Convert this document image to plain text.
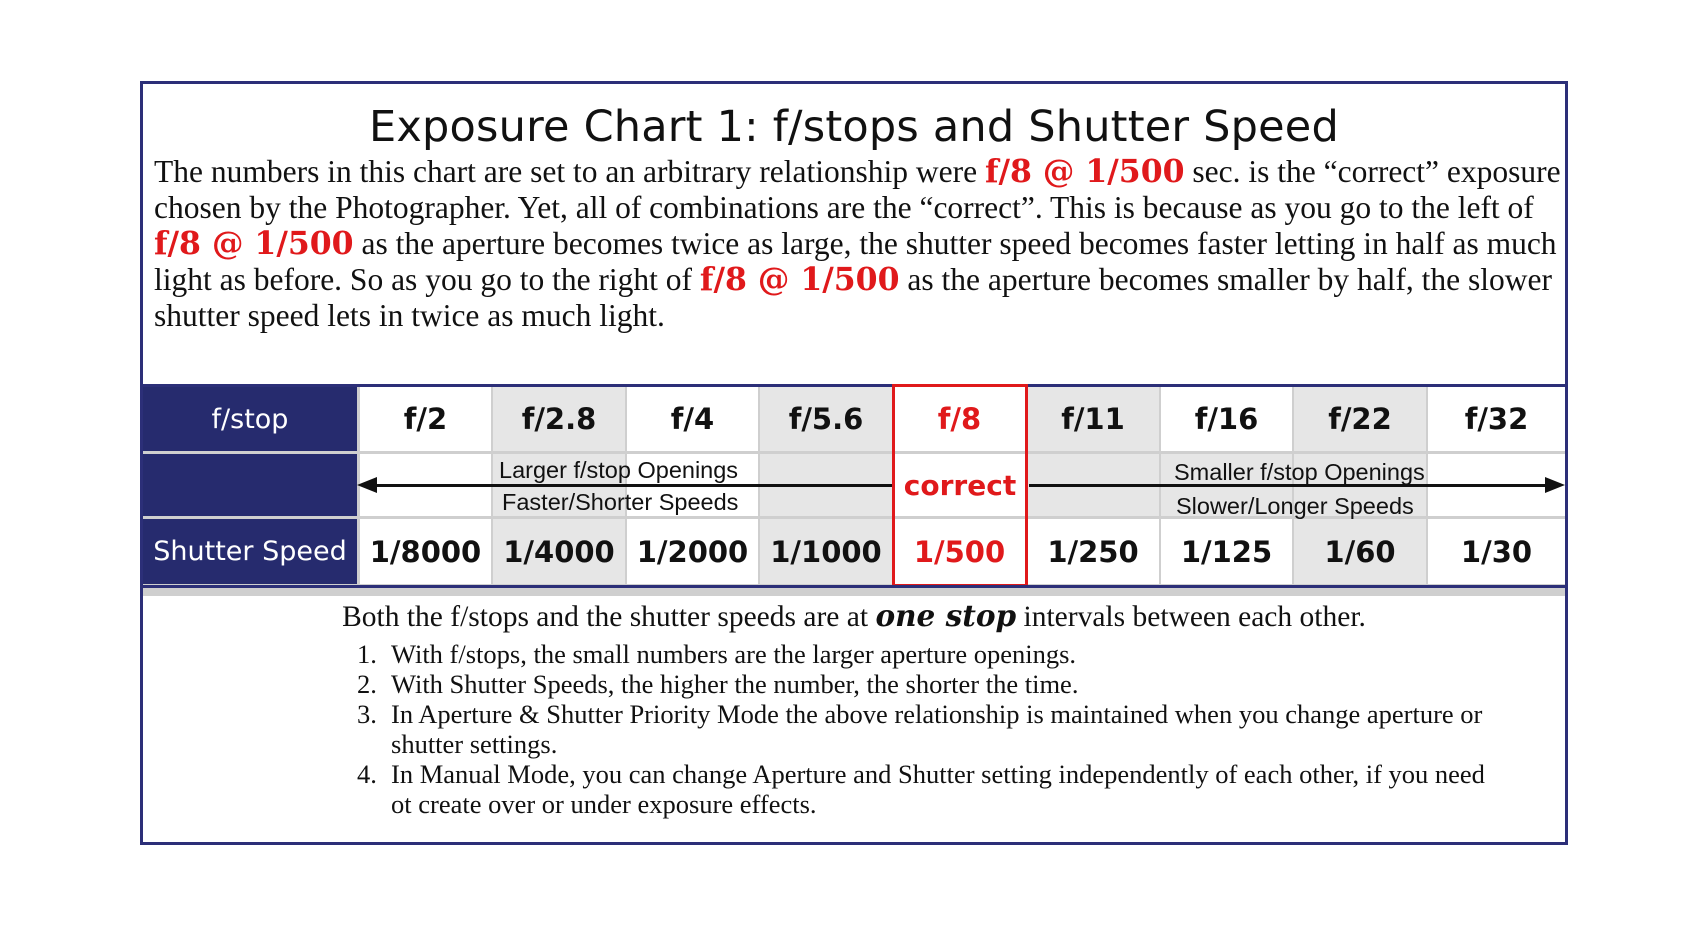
Exposure Chart 1: f/stops and Shutter Speed
The numbers in this chart are set to an arbitrary relationship were f/8 @ 1/500 sec. is the “correct” exposure chosen by the Photographer. Yet, all of combinations are the “correct”. This is because as you go to the left of f/8 @ 1/500 as the aperture becomes twice as large, the shutter speed becomes faster letting in half as much light as before. So as you go to the right of f/8 @ 1/500 as the aperture becomes smaller by half, the slower shutter speed lets in twice as much light.
f/stop
Shutter Speed
f/2	f/2.8	f/4	f/5.6	f/8	f/11	f/16	f/22	f/32
1/8000 1/4000 1/2000 1/1000	1/500	1/250	1/125	1/60	1/30
correct
Larger f/stop Openings
Faster/Shorter Speeds
Smaller f/stop Openings
Slower/Longer Speeds
Both the f/stops and the shutter speeds are at one stop intervals between each other.
1. With f/stops, the small numbers are the larger aperture openings.
2. With Shutter Speeds, the higher the number, the shorter the time.
3. In Aperture & Shutter Priority Mode the above relationship is maintained when you change aperture or shutter settings.
4. In Manual Mode, you can change Aperture and Shutter setting independently of each other, if you need ot create over or under exposure effects.
